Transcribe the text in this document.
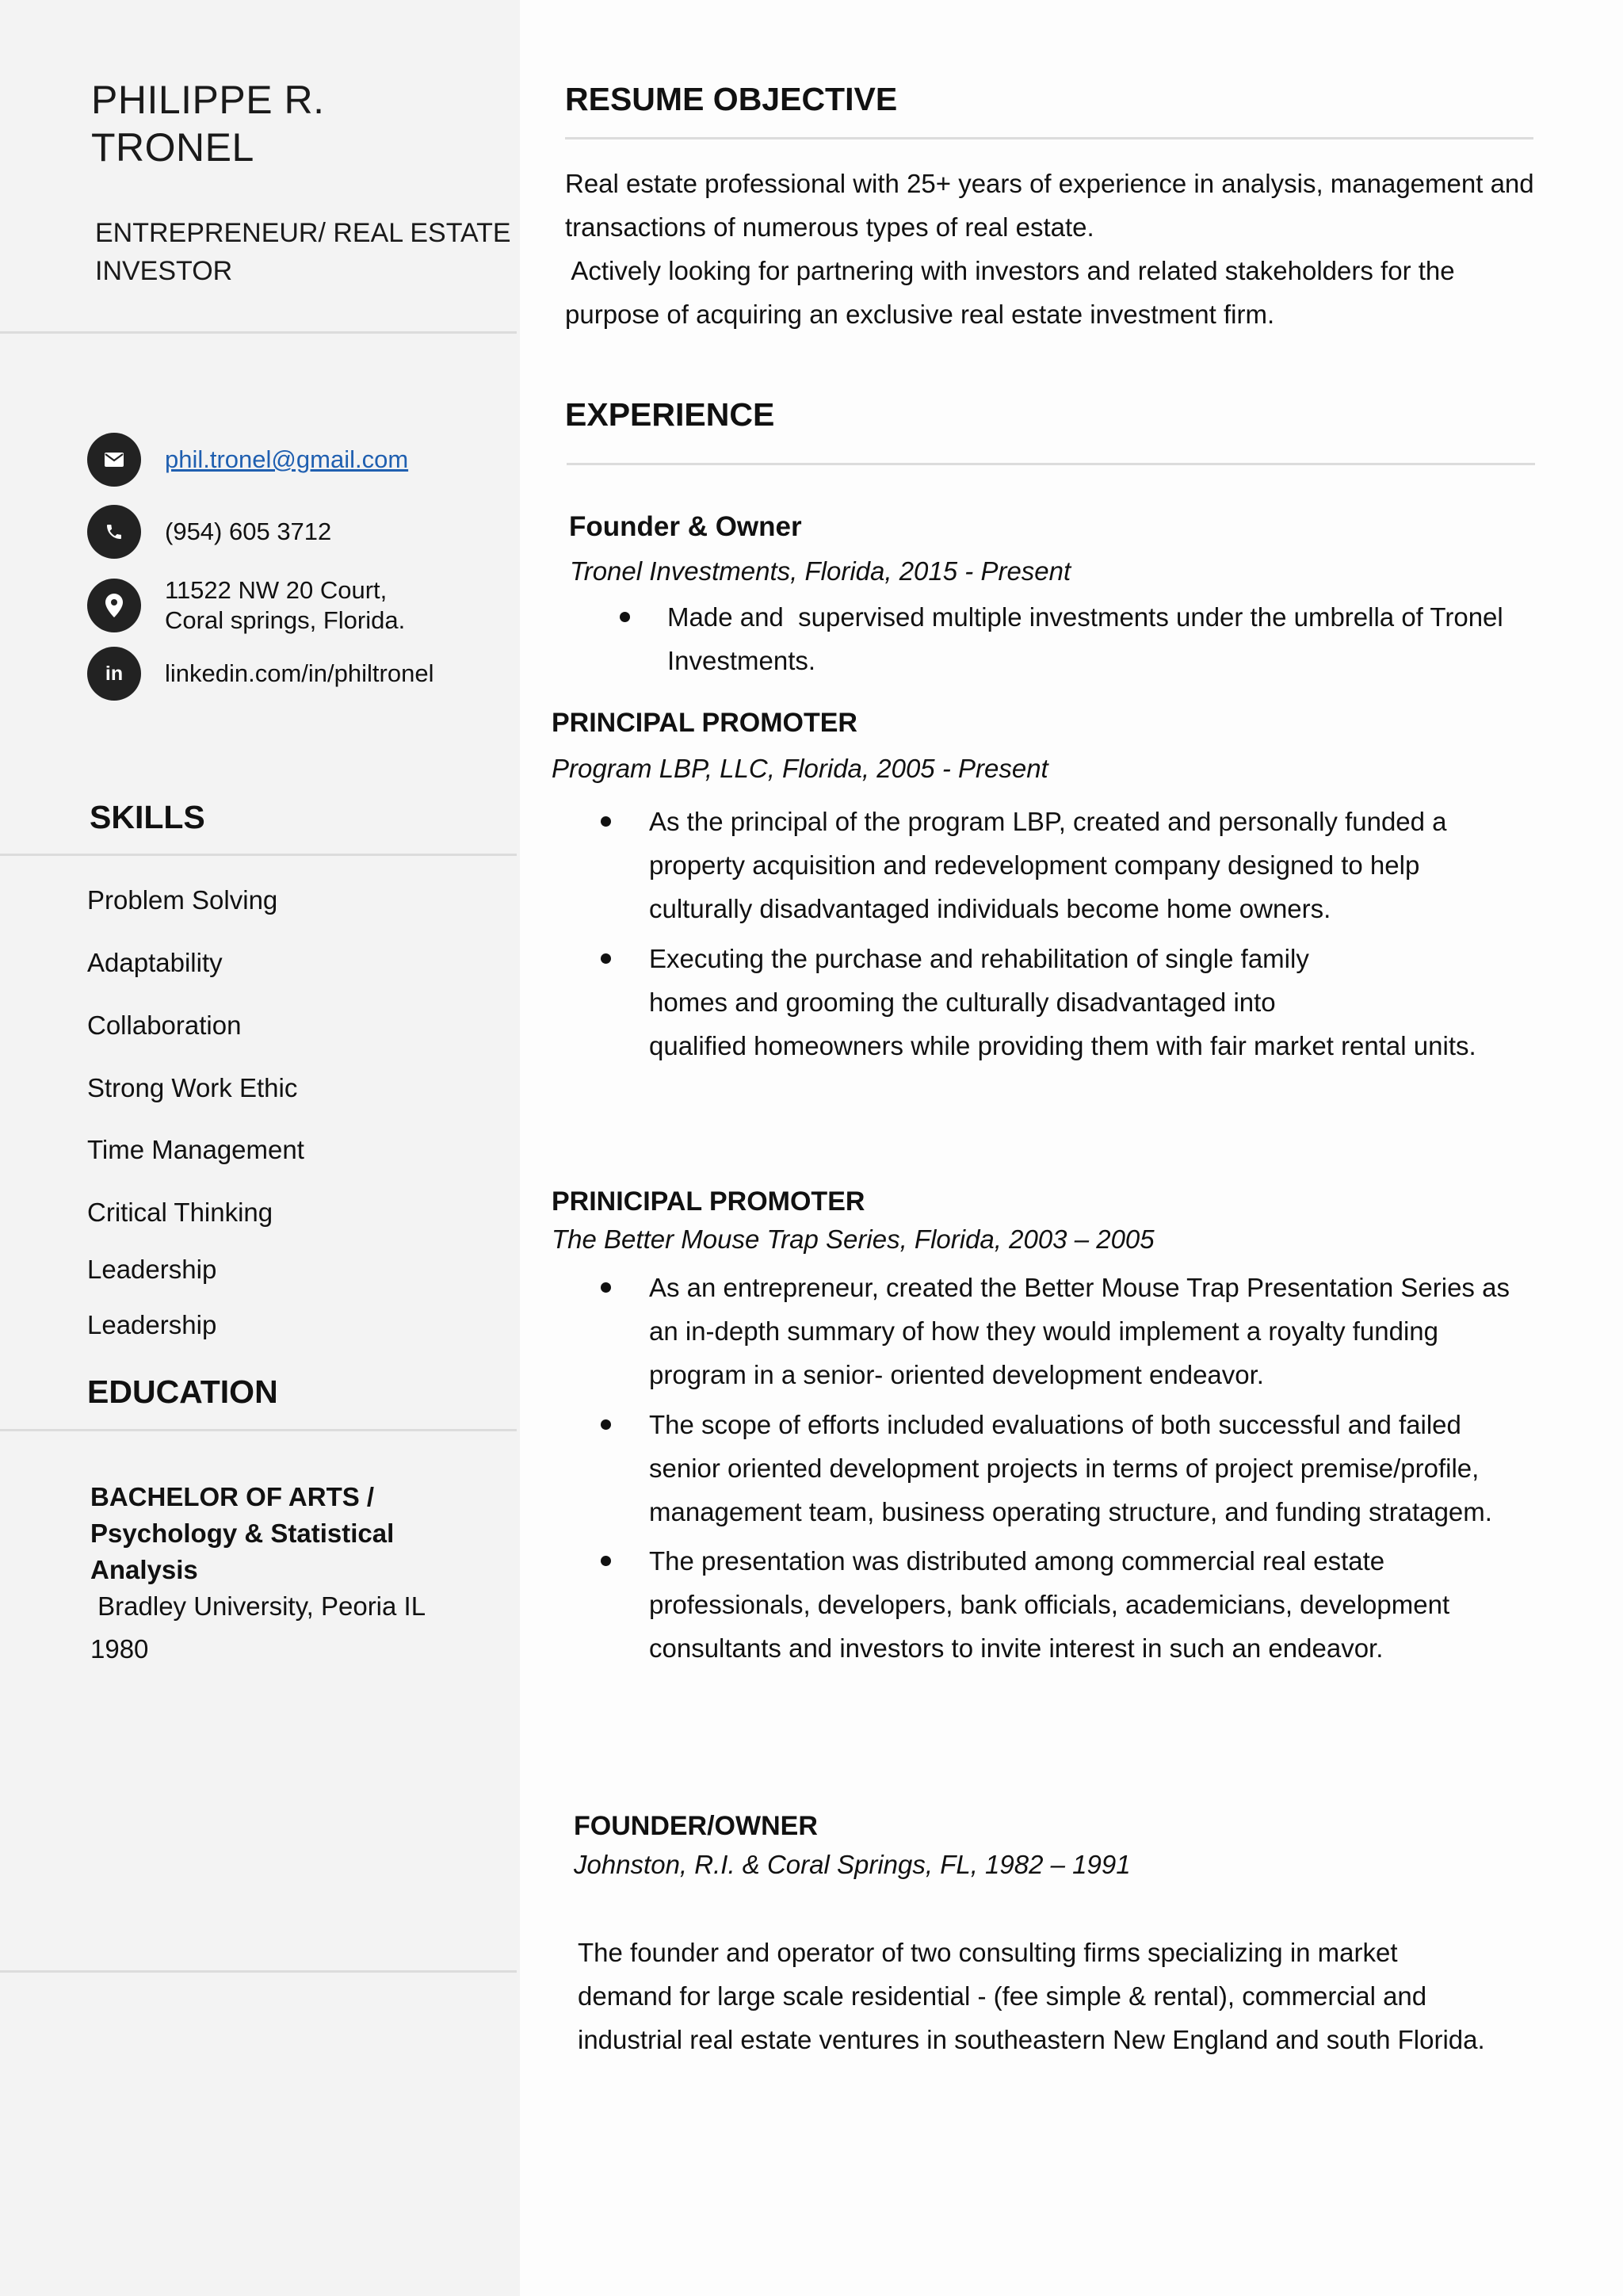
PHILIPPE R.
TRONEL
ENTREPRENEUR/ REAL ESTATE
INVESTOR
phil.tronel@gmail.com
(954) 605 3712
11522 NW 20 Court,
Coral springs, Florida.
in linkedin.com/in/philtronel
SKILLS
Problem Solving
Adaptability
Collaboration
Strong Work Ethic
Time Management
Critical Thinking
Leadership
Leadership
EDUCATION
BACHELOR OF ARTS /
Psychology & Statistical
Analysis
Bradley University, Peoria IL
1980
RESUME OBJECTIVE
Real estate professional with 25+ years of experience in analysis, management and
transactions of numerous types of real estate.
Actively looking for partnering with investors and related stakeholders for the
purpose of acquiring an exclusive real estate investment firm.
EXPERIENCE
Founder & Owner
Tronel Investments, Florida, 2015 - Present
Made and  supervised multiple investments under the umbrella of Tronel
Investments.
PRINCIPAL PROMOTER
Program LBP, LLC, Florida, 2005 - Present
As the principal of the program LBP, created and personally funded a
property acquisition and redevelopment company designed to help
culturally disadvantaged individuals become home owners.
Executing the purchase and rehabilitation of single family
homes and grooming the culturally disadvantaged into
qualified homeowners while providing them with fair market rental units.
PRINICIPAL PROMOTER
The Better Mouse Trap Series, Florida, 2003 – 2005
As an entrepreneur, created the Better Mouse Trap Presentation Series as
an in-depth summary of how they would implement a royalty funding
program in a senior- oriented development endeavor.
The scope of efforts included evaluations of both successful and failed
senior oriented development projects in terms of project premise/profile,
management team, business operating structure, and funding stratagem.
The presentation was distributed among commercial real estate
professionals, developers, bank officials, academicians, development
consultants and investors to invite interest in such an endeavor.
FOUNDER/OWNER
Johnston, R.I. & Coral Springs, FL, 1982 – 1991
The founder and operator of two consulting firms specializing in market
demand for large scale residential - (fee simple & rental), commercial and
industrial real estate ventures in southeastern New England and south Florida.
